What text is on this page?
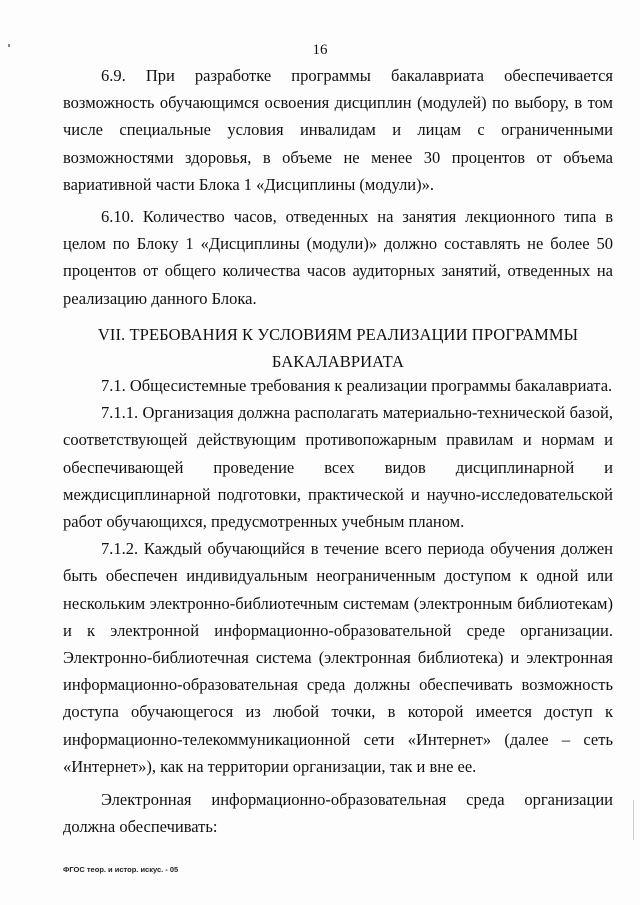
16

6.9. При разработке программы бакалавриата обеспечивается возможность обучающимся освоения дисциплин (модулей) по выбору, в том числе специальные условия инвалидам и лицам с ограниченными возможностями здоровья, в объеме не менее 30 процентов от объема вариативной части Блока 1 «Дисциплины (модули)».

6.10. Количество часов, отведенных на занятия лекционного типа в целом по Блоку 1 «Дисциплины (модули)» должно составлять не более 50 процентов от общего количества часов аудиторных занятий, отведенных на реализацию данного Блока.

VII. ТРЕБОВАНИЯ К УСЛОВИЯМ РЕАЛИЗАЦИИ ПРОГРАММЫ
БАКАЛАВРИАТА

7.1. Общесистемные требования к реализации программы бакалавриата.

7.1.1. Организация должна располагать материально-технической базой, соответствующей действующим противопожарным правилам и нормам и обеспечивающей проведение всех видов дисциплинарной и междисциплинарной подготовки, практической и научно-исследовательской работ обучающихся, предусмотренных учебным планом.

7.1.2. Каждый обучающийся в течение всего периода обучения должен быть обеспечен индивидуальным неограниченным доступом к одной или нескольким электронно-библиотечным системам (электронным библиотекам) и к электронной информационно-образовательной среде организации. Электронно-библиотечная система (электронная библиотека) и электронная информационно-образовательная среда должны обеспечивать возможность доступа обучающегося из любой точки, в которой имеется доступ к информационно-телекоммуникационной сети «Интернет» (далее – сеть «Интернет»), как на территории организации, так и вне ее.

Электронная информационно-образовательная среда организации должна обеспечивать:

ФГОС теор. и истор. искус. - 05
